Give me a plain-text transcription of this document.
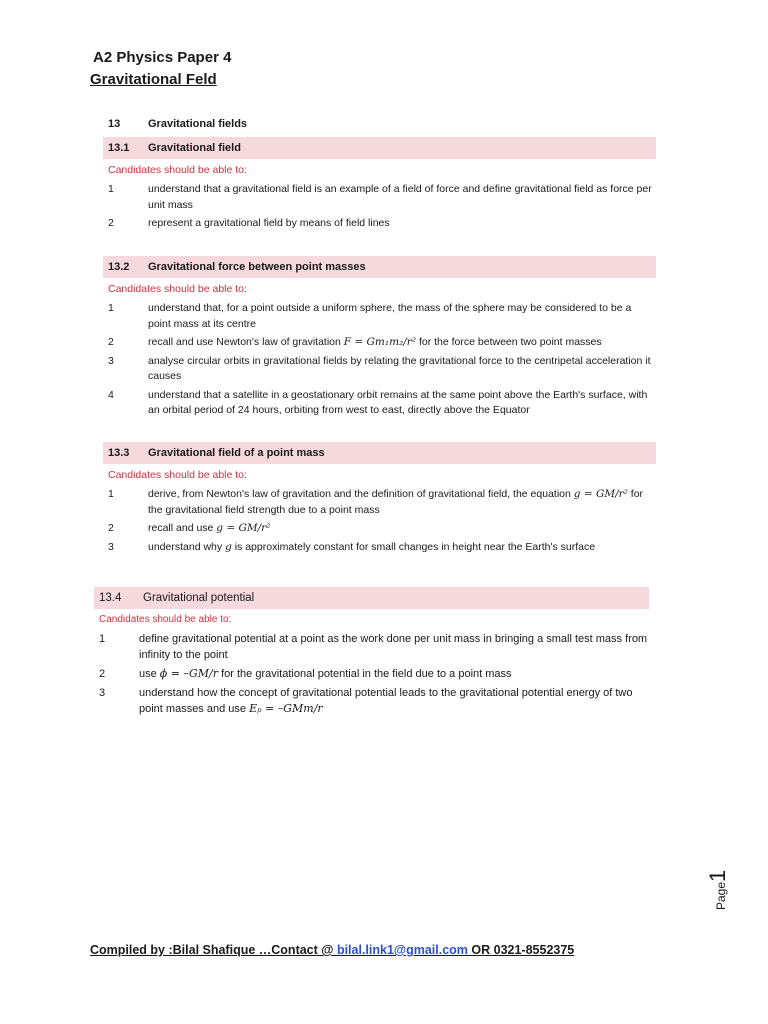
A2 Physics Paper 4
Gravitational Feld
13	Gravitational fields
13.1 Gravitational field
Candidates should be able to:
1	understand that a gravitational field is an example of a field of force and define gravitational field as force per unit mass
2	represent a gravitational field by means of field lines
13.2 Gravitational force between point masses
Candidates should be able to:
1	understand that, for a point outside a uniform sphere, the mass of the sphere may be considered to be a point mass at its centre
2	recall and use Newton's law of gravitation F = Gm₁m₂/r² for the force between two point masses
3	analyse circular orbits in gravitational fields by relating the gravitational force to the centripetal acceleration it causes
4	understand that a satellite in a geostationary orbit remains at the same point above the Earth's surface, with an orbital period of 24 hours, orbiting from west to east, directly above the Equator
13.3 Gravitational field of a point mass
Candidates should be able to:
1	derive, from Newton's law of gravitation and the definition of gravitational field, the equation g = GM/r² for the gravitational field strength due to a point mass
2	recall and use g = GM/r²
3	understand why g is approximately constant for small changes in height near the Earth's surface
13.4 Gravitational potential
Candidates should be able to:
1	define gravitational potential at a point as the work done per unit mass in bringing a small test mass from infinity to the point
2	use ϕ = –GM/r for the gravitational potential in the field due to a point mass
3	understand how the concept of gravitational potential leads to the gravitational potential energy of two point masses and use Eₚ = –GMm/r
Page1
Compiled by :Bilal Shafique …Contact @ bilal.link1@gmail.com OR 0321-8552375
